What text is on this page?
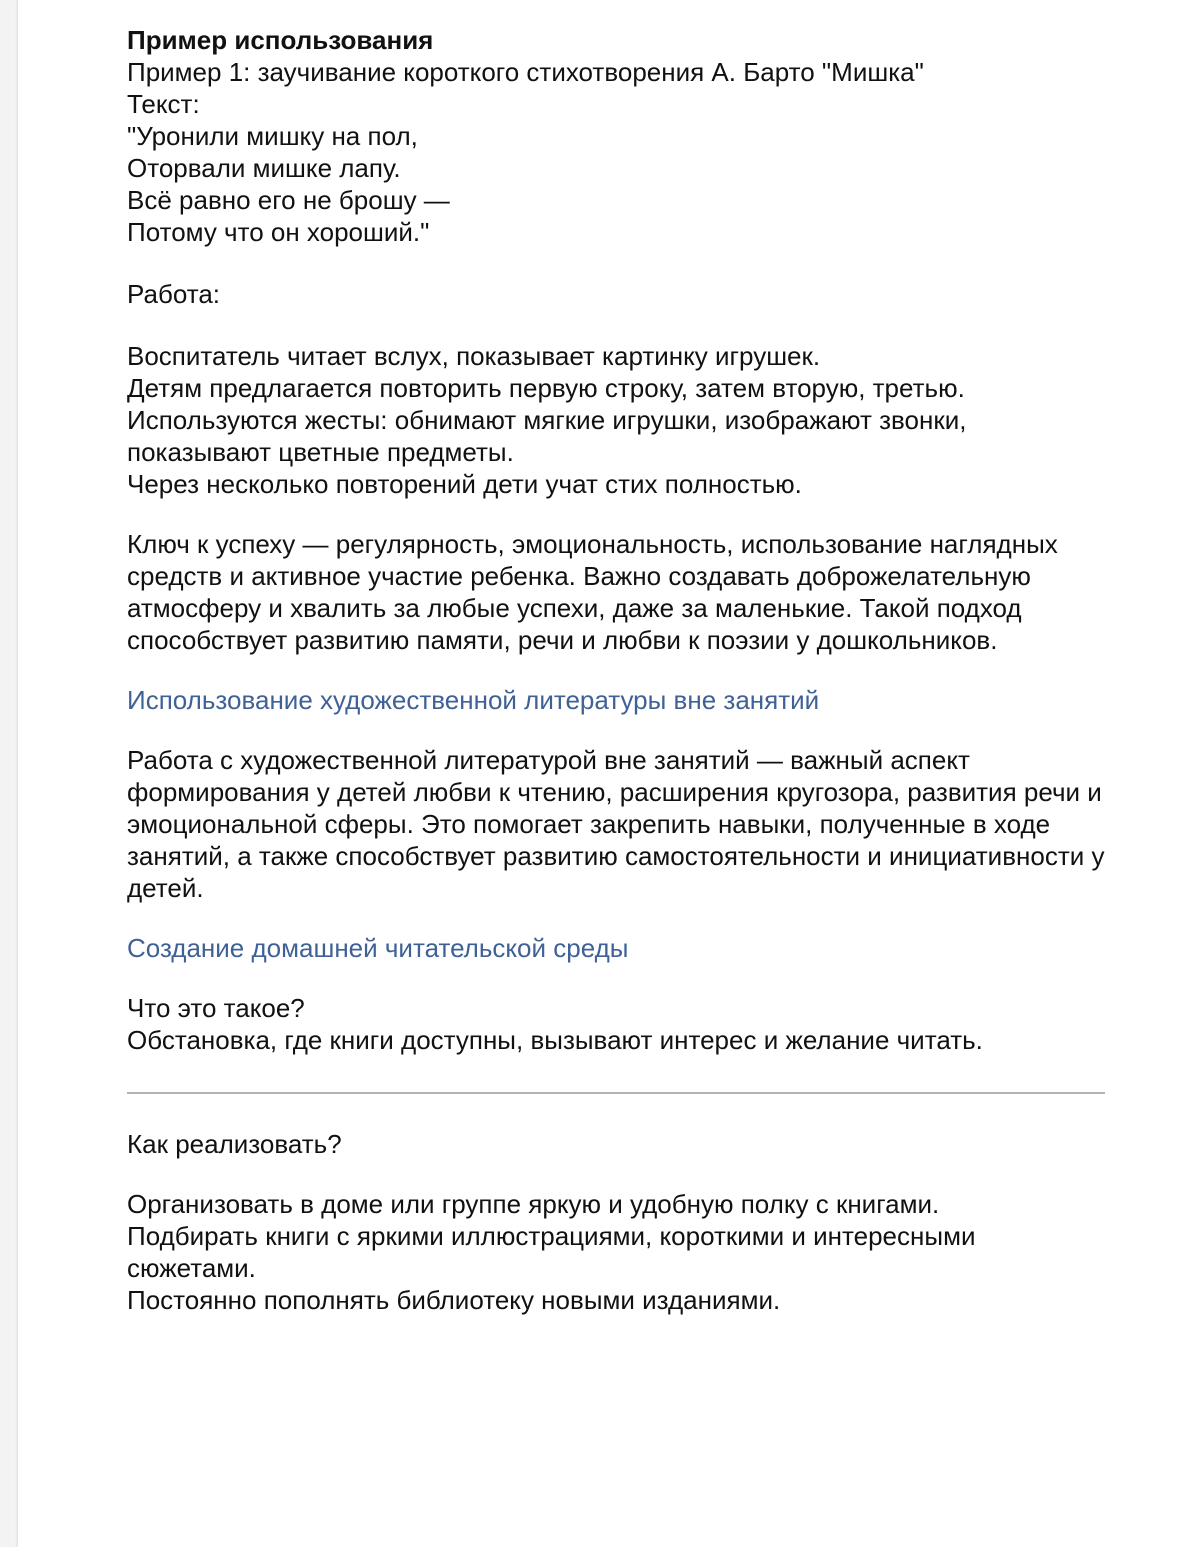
Пример использования

Пример 1: заучивание короткого стихотворения А. Барто "Мишка"

Текст:

"Уронили мишку на пол,

Оторвали мишке лапу.

Всё равно его не брошу —

Потому что он хороший."

Работа:

Воспитатель читает вслух, показывает картинку игрушек.

Детям предлагается повторить первую строку, затем вторую, третью.

Используются жесты: обнимают мягкие игрушки, изображают звонки, показывают цветные предметы.

Через несколько повторений дети учат стих полностью.

Ключ к успеху — регулярность, эмоциональность, использование наглядных средств и активное участие ребенка. Важно создавать доброжелательную атмосферу и хвалить за любые успехи, даже за маленькие. Такой подход способствует развитию памяти, речи и любви к поэзии у дошкольников.

Использование художественной литературы вне занятий

Работа с художественной литературой вне занятий — важный аспект формирования у детей любви к чтению, расширения кругозора, развития речи и эмоциональной сферы. Это помогает закрепить навыки, полученные в ходе занятий, а также способствует развитию самостоятельности и инициативности у детей.

Создание домашней читательской среды

Что это такое?

Обстановка, где книги доступны, вызывают интерес и желание читать.

Как реализовать?

Организовать в доме или группе яркую и удобную полку с книгами.

Подбирать книги с яркими иллюстрациями, короткими и интересными сюжетами.

Постоянно пополнять библиотеку новыми изданиями.
